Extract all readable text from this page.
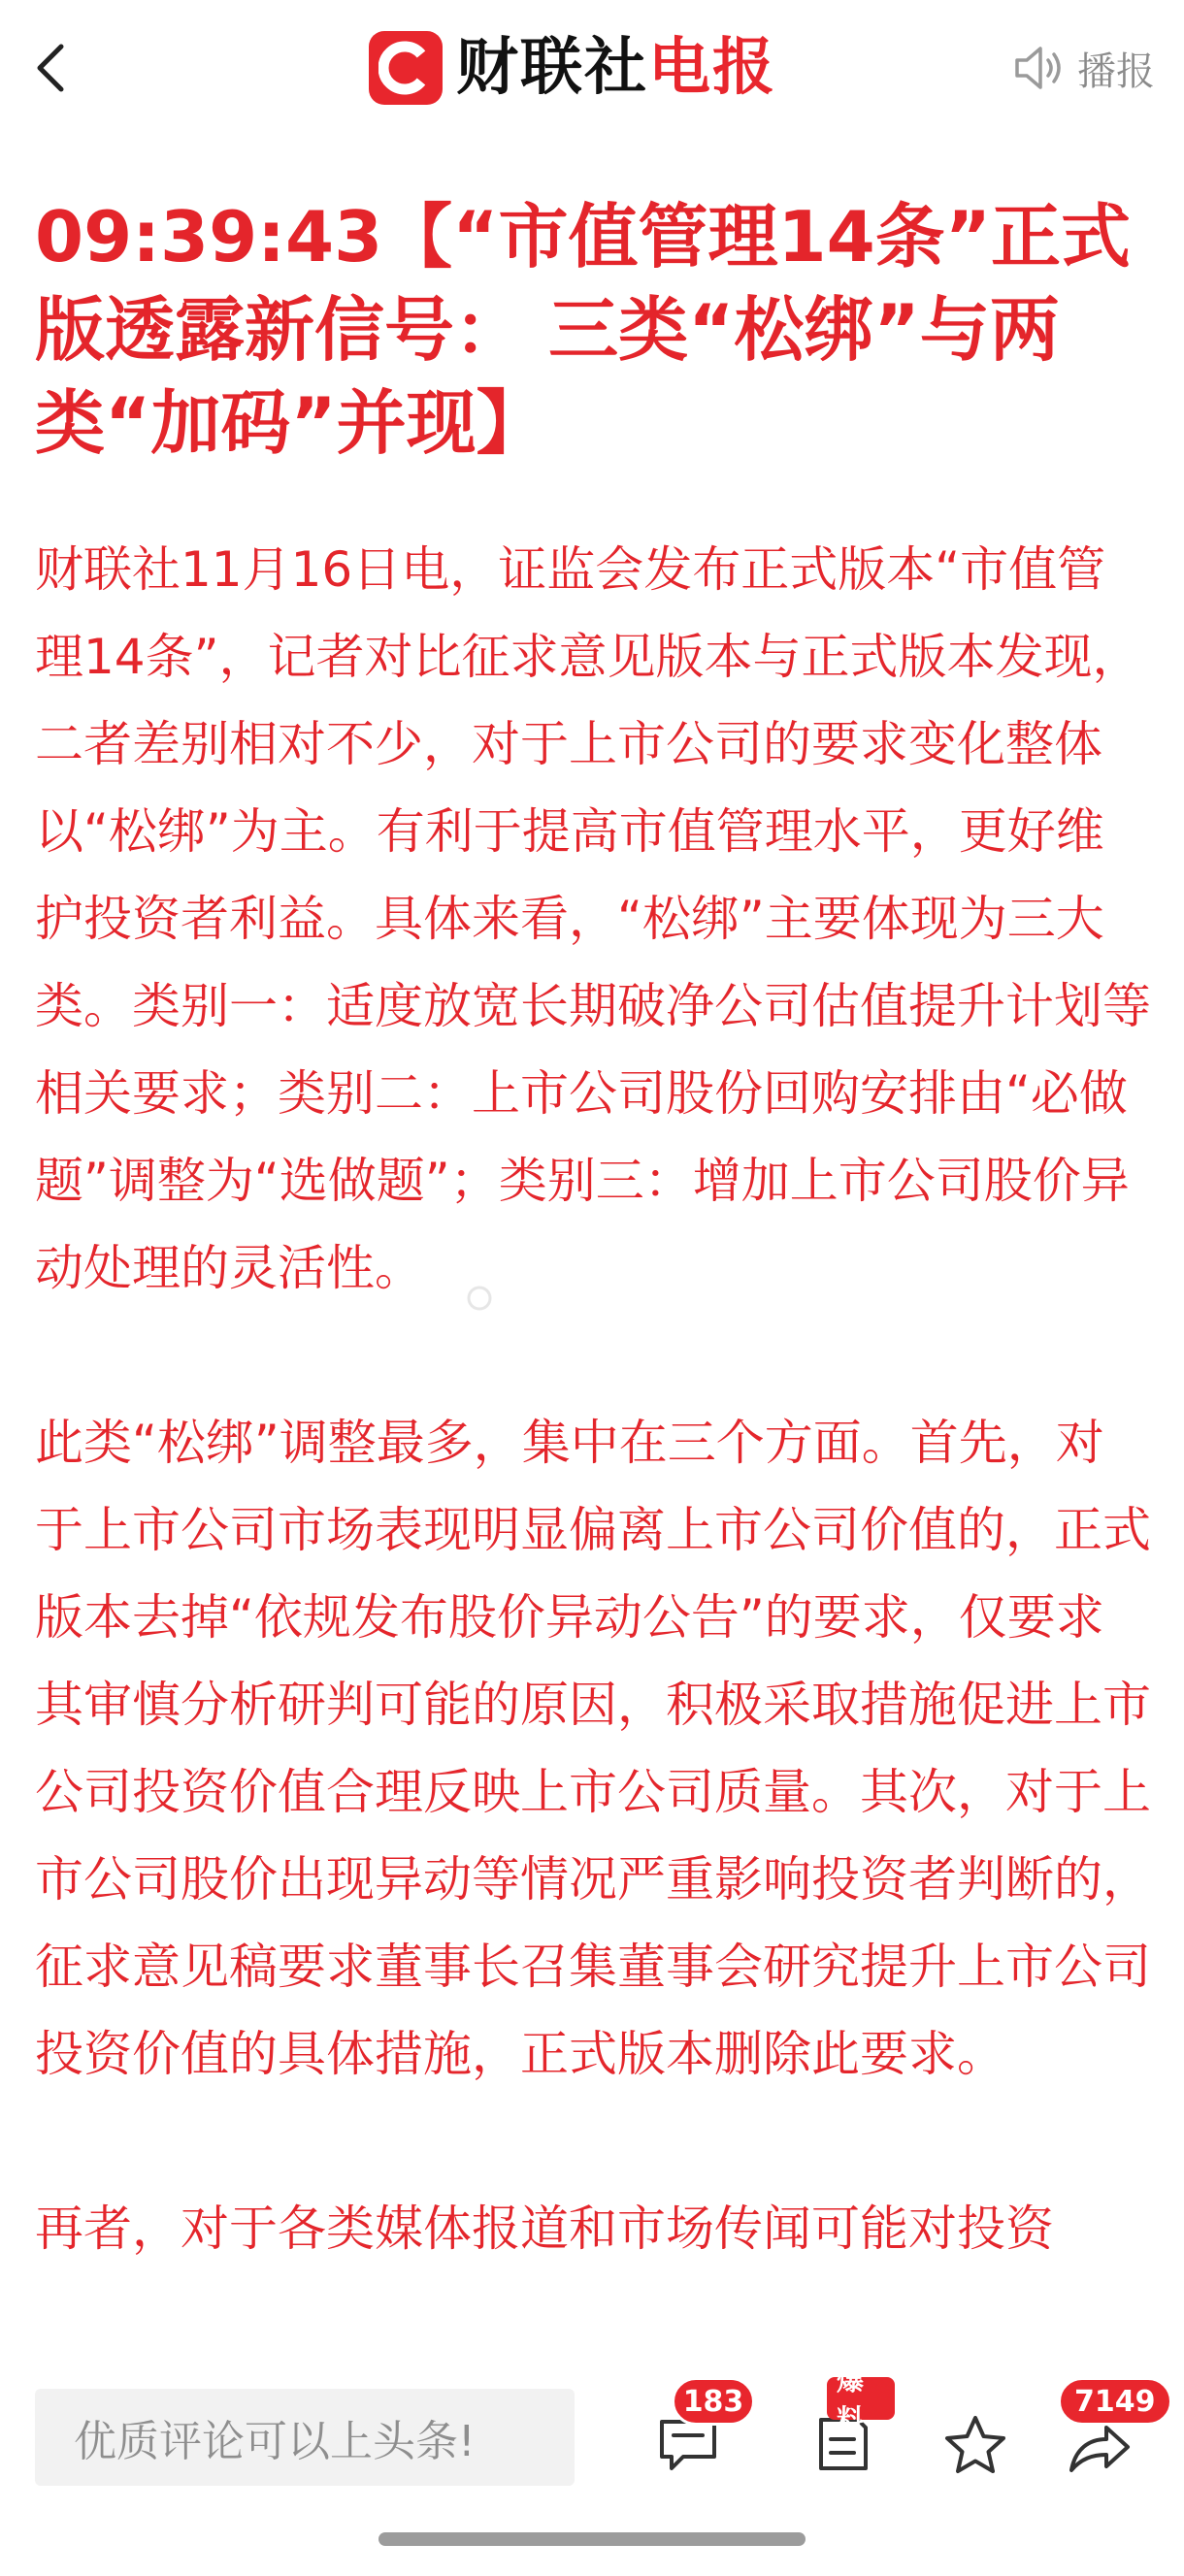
财联社 电报	播报
09:39:43【“市值管理14条”正式版透露新信号： 三类“松绑”与两类“加码”并现】
财联社11月16日电，证监会发布正式版本“市值管理14条”，记者对比征求意见版本与正式版本发现，二者差别相对不少，对于上市公司的要求变化整体以“松绑”为主。有利于提高市值管理水平，更好维护投资者利益。具体来看，“松绑”主要体现为三大类。类别一：适度放宽长期破净公司估值提升计划等相关要求；类别二：上市公司股份回购安排由“必做题”调整为“选做题”；类别三：增加上市公司股价异动处理的灵活性。
此类“松绑”调整最多，集中在三个方面。首先，对于上市公司市场表现明显偏离上市公司价值的，正式版本去掉“依规发布股价异动公告”的要求，仅要求其审慎分析研判可能的原因，积极采取措施促进上市公司投资价值合理反映上市公司质量。其次，对于上市公司股价出现异动等情况严重影响投资者判断的，征求意见稿要求董事长召集董事会研究提升上市公司投资价值的具体措施，正式版本删除此要求。
再者，对于各类媒体报道和市场传闻可能对投资
优质评论可以上头条!
183
爆料
7149
